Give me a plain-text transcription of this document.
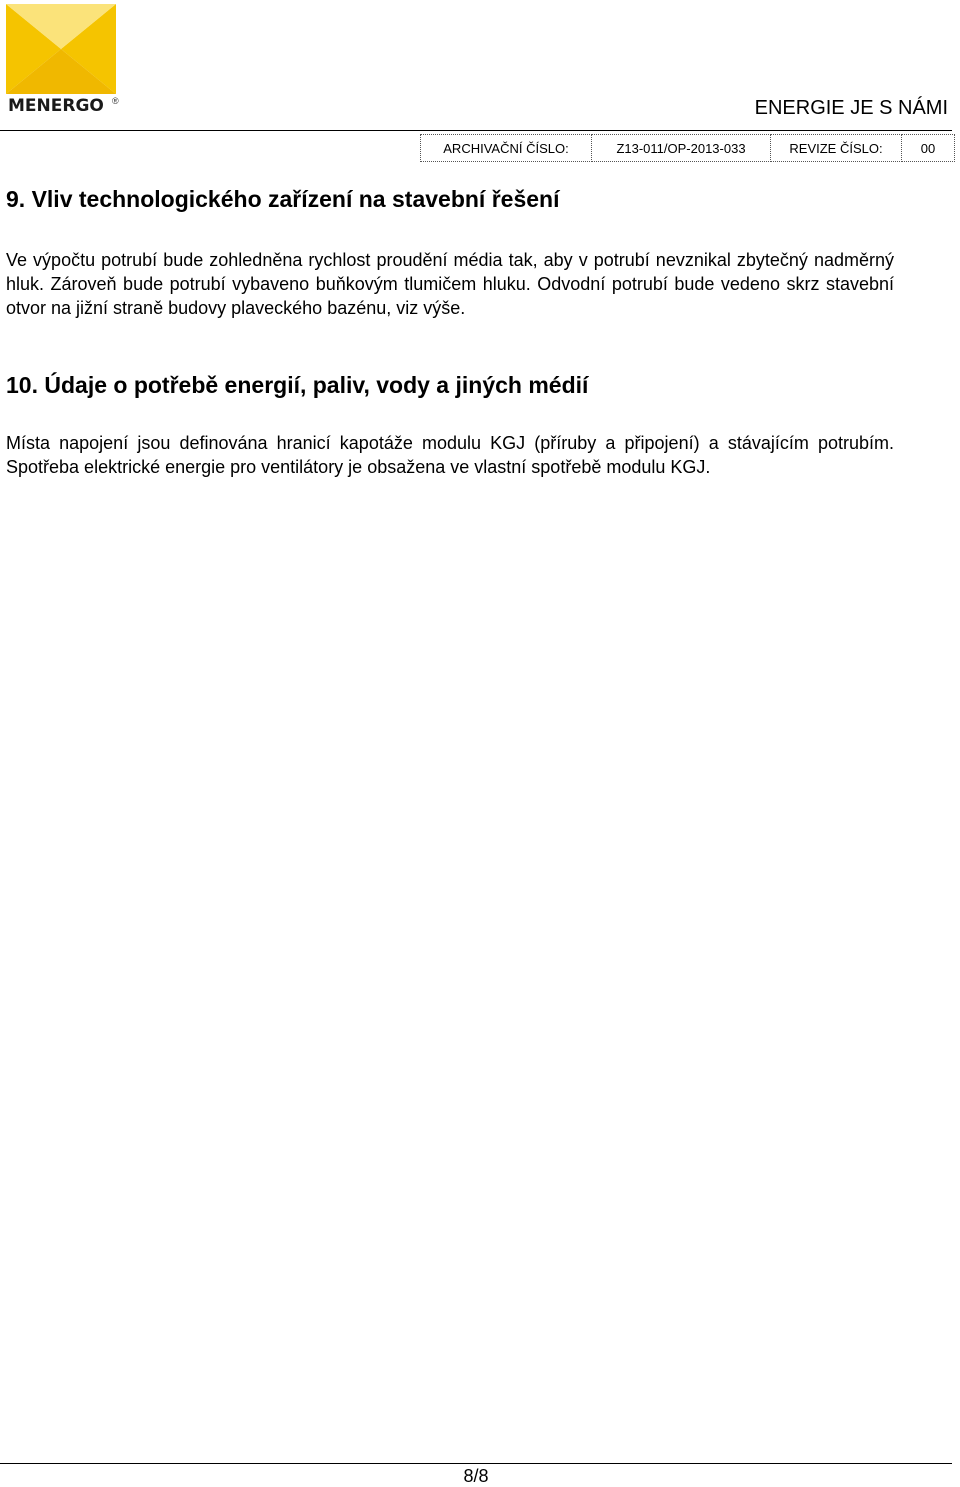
MENERGO ®	ENERGIE JE S NÁMI
ARCHIVAČNÍ ČÍSLO:	Z13-011/OP-2013-033	REVIZE ČÍSLO:	00
9. Vliv technologického zařízení na stavební řešení

Ve výpočtu potrubí bude zohledněna rychlost proudění média tak, aby v potrubí nevznikal zbytečný nadměrný hluk. Zároveň bude potrubí vybaveno buňkovým tlumičem hluku. Odvodní potrubí bude vedeno skrz stavební otvor na jižní straně budovy plaveckého bazénu, viz výše.

10. Údaje o potřebě energií, paliv, vody a jiných médií

Místa napojení jsou definována hranicí kapotáže modulu KGJ (příruby a připojení) a stávajícím potrubím. Spotřeba elektrické energie pro ventilátory je obsažena ve vlastní spotřebě modulu KGJ.

8/8
